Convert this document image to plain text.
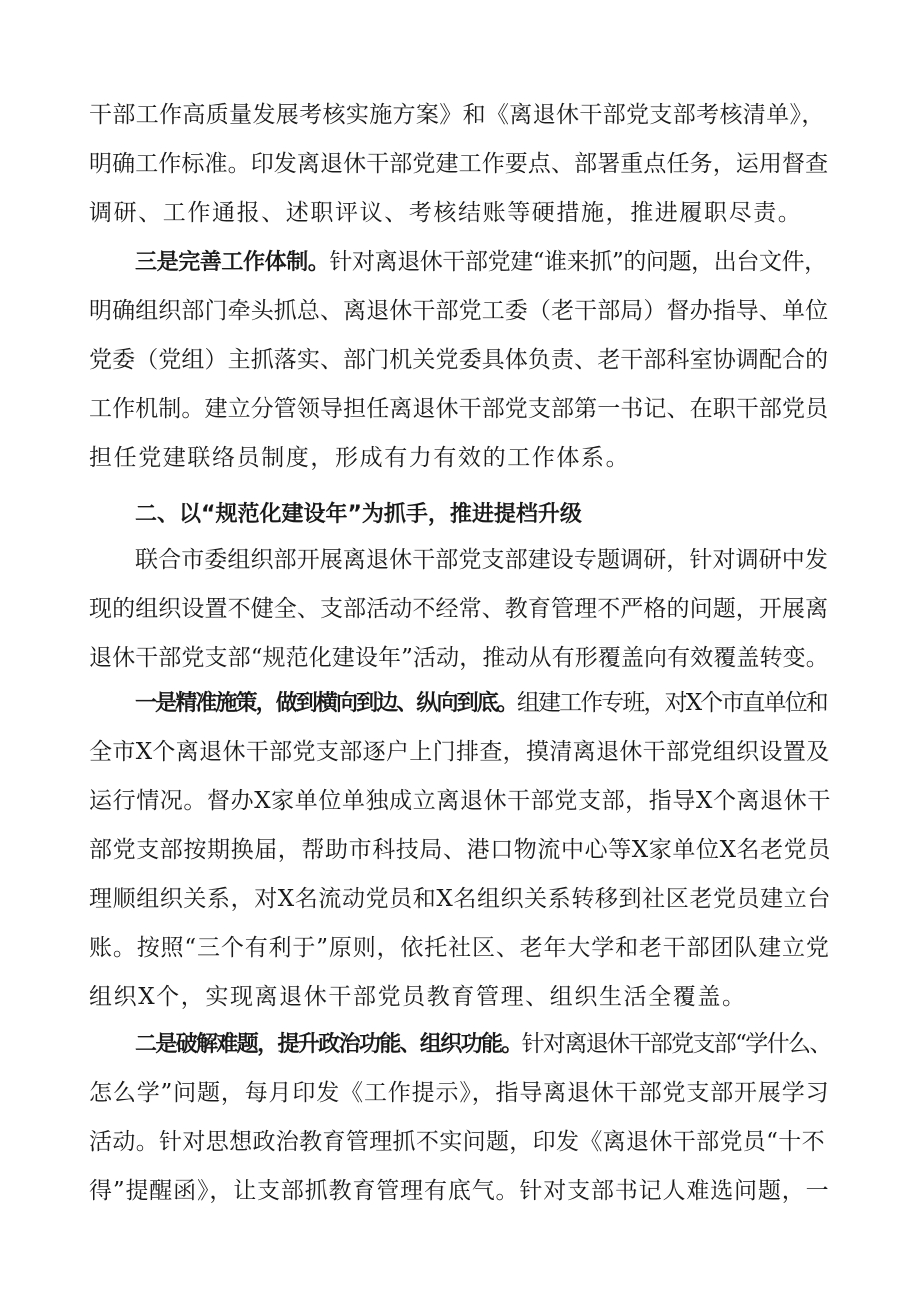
干部工作高质量发展考核实施方案》和《离退休干部党支部考核清单》，
明确工作标准。印发离退休干部党建工作要点、部署重点任务，运用督查
调研、工作通报、述职评议、考核结账等硬措施，推进履职尽责。
三是完善工作体制。针对离退休干部党建“谁来抓”的问题，出台文件，
明确组织部门牵头抓总、离退休干部党工委（老干部局）督办指导、单位
党委（党组）主抓落实、部门机关党委具体负责、老干部科室协调配合的
工作机制。建立分管领导担任离退休干部党支部第一书记、在职干部党员
担任党建联络员制度，形成有力有效的工作体系。
二、以“规范化建设年”为抓手，推进提档升级
联合市委组织部开展离退休干部党支部建设专题调研，针对调研中发
现的组织设置不健全、支部活动不经常、教育管理不严格的问题，开展离
退休干部党支部“规范化建设年”活动，推动从有形覆盖向有效覆盖转变。
一是精准施策，做到横向到边、纵向到底。组建工作专班，对X个市直单位和
全市X个离退休干部党支部逐户上门排查，摸清离退休干部党组织设置及
运行情况。督办X家单位单独成立离退休干部党支部，指导X个离退休干
部党支部按期换届，帮助市科技局、港口物流中心等X家单位X名老党员
理顺组织关系，对X名流动党员和X名组织关系转移到社区老党员建立台
账。按照“三个有利于”原则，依托社区、老年大学和老干部团队建立党
组织X个，实现离退休干部党员教育管理、组织生活全覆盖。
二是破解难题，提升政治功能、组织功能。针对离退休干部党支部“学什么、
怎么学”问题，每月印发《工作提示》，指导离退休干部党支部开展学习
活动。针对思想政治教育管理抓不实问题，印发《离退休干部党员“十不
得”提醒函》，让支部抓教育管理有底气。针对支部书记人难选问题，一
